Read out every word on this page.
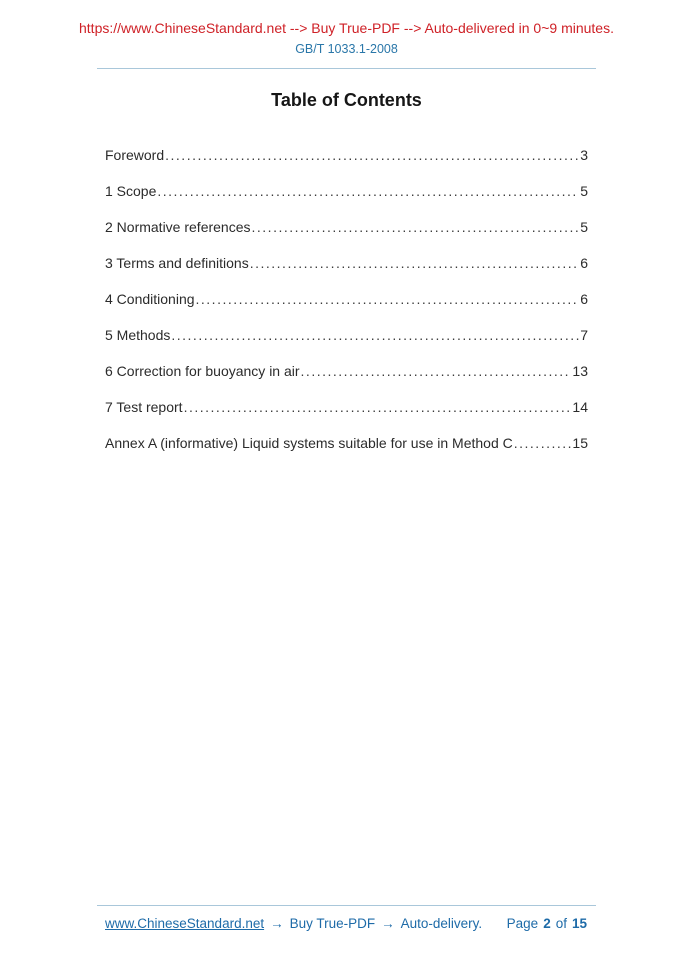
https://www.ChineseStandard.net --> Buy True-PDF --> Auto-delivered in 0~9 minutes.
GB/T 1033.1-2008
Table of Contents
Foreword .....	3
1 Scope .....	5
2 Normative references .....	5
3 Terms and definitions .....	6
4 Conditioning .....	6
5 Methods .....	7
6 Correction for buoyancy in air .....	13
7 Test report .....	14
Annex A (informative) Liquid systems suitable for use in Method C .....	15
www.ChineseStandard.net → Buy True-PDF → Auto-delivery. Page 2 of 15
